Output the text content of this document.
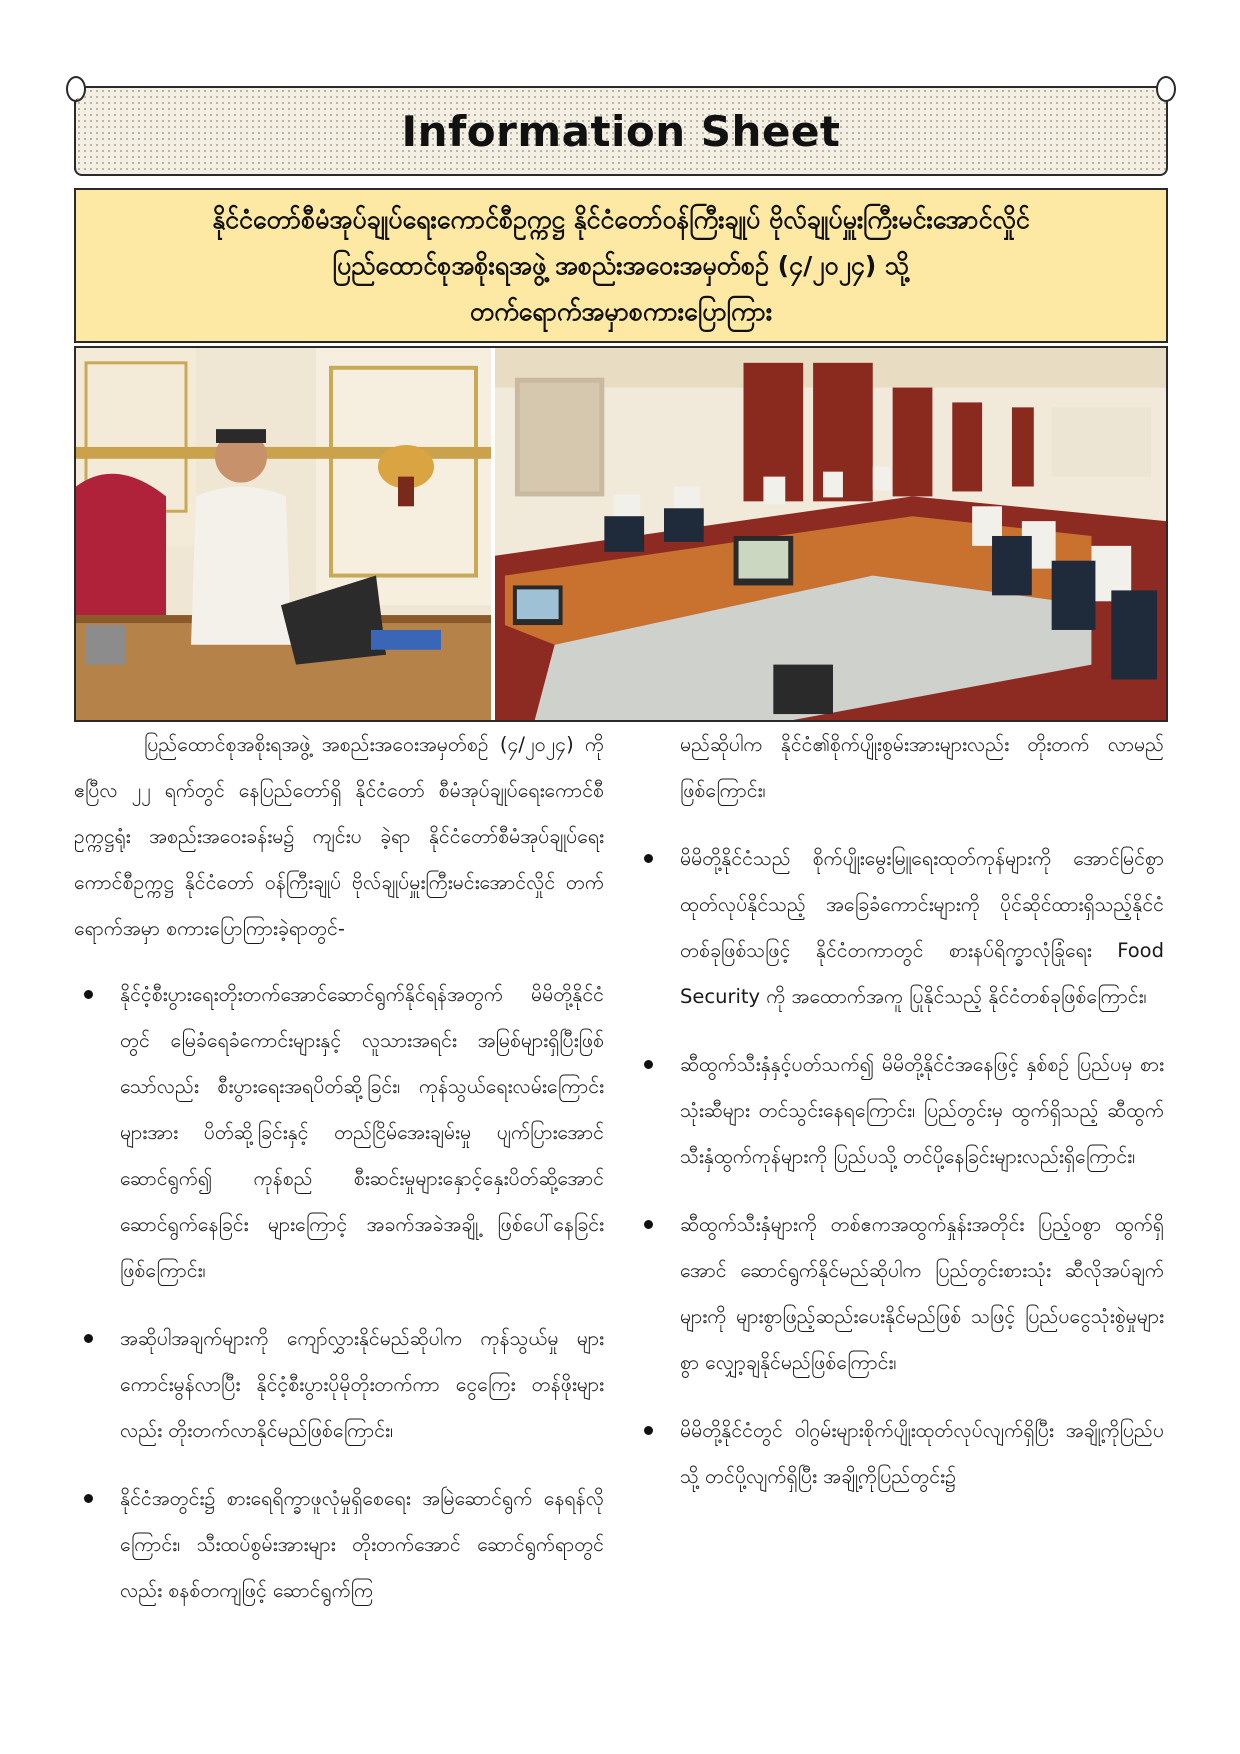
Information Sheet
နိုင်ငံတော်စီမံအုပ်ချုပ်ရေးကောင်စီဥက္ကဋ္ဌ နိုင်ငံတော်ဝန်ကြီးချုပ် ဗိုလ်ချုပ်မှူးကြီးမင်းအောင်လှိုင်
ပြည်ထောင်စုအစိုးရအဖွဲ့ အစည်းအဝေးအမှတ်စဉ် (၄/၂၀၂၄) သို့
တက်ရောက်အမှာစကားပြောကြား

ပြည်ထောင်စုအစိုးရအဖွဲ့ အစည်းအဝေးအမှတ်စဉ် (၄/၂၀၂၄) ကို ဧပြီလ ၂၂ ရက်တွင် နေပြည်တော်ရှိ နိုင်ငံတော် စီမံအုပ်ချုပ်ရေးကောင်စီဥက္ကဋ္ဌရုံး အစည်းအဝေးခန်းမ၌ ကျင်းပ ခဲ့ရာ နိုင်ငံတော်စီမံအုပ်ချုပ်ရေးကောင်စီဥက္ကဋ္ဌ နိုင်ငံတော် ဝန်ကြီးချုပ် ဗိုလ်ချုပ်မှူးကြီးမင်းအောင်လှိုင် တက်ရောက်အမှာ စကားပြောကြားခဲ့ရာတွင်-

နိုင်ငံ့စီးပွားရေးတိုးတက်အောင်ဆောင်ရွက်နိုင်ရန်အတွက် မိမိတို့နိုင်ငံတွင် မြေခံရေခံကောင်းများနှင့် လူသားအရင်း အမြစ်များရှိပြီးဖြစ်သော်လည်း စီးပွားရေးအရပိတ်ဆို့ခြင်း၊ ကုန်သွယ်ရေးလမ်းကြောင်းများအား ပိတ်ဆို့ခြင်းနှင့် တည်ငြိမ်အေးချမ်းမှု ပျက်ပြားအောင်ဆောင်ရွက်၍ ကုန်စည် စီးဆင်းမှုများနှောင့်နှေးပိတ်ဆို့အောင် ဆောင်ရွက်နေခြင်း များကြောင့် အခက်အခဲအချို့ ဖြစ်ပေါ်နေခြင်း ဖြစ်ကြောင်း၊
အဆိုပါအချက်များကို ကျော်လွှားနိုင်မည်ဆိုပါက ကုန်သွယ်မှု များကောင်းမွန်လာပြီး နိုင်ငံ့စီးပွားပိုမိုတိုးတက်ကာ ငွေကြေး တန်ဖိုးများလည်း တိုးတက်လာနိုင်မည်ဖြစ်ကြောင်း၊
နိုင်ငံအတွင်း၌ စားရေရိက္ခာဖူလုံမှုရှိစေရေး အမြဲဆောင်ရွက် နေရန်လိုကြောင်း၊ သီးထပ်စွမ်းအားများ တိုးတက်အောင် ဆောင်ရွက်ရာတွင်လည်း စနစ်တကျဖြင့် ဆောင်ရွက်ကြ
မည်ဆိုပါက နိုင်ငံ၏စိုက်ပျိုးစွမ်းအားများလည်း တိုးတက် လာမည်ဖြစ်ကြောင်း၊
မိမိတို့နိုင်ငံသည် စိုက်ပျိုးမွေးမြူရေးထုတ်ကုန်များကို အောင်မြင်စွာထုတ်လုပ်နိုင်သည့် အခြေခံကောင်းများကို ပိုင်ဆိုင်ထားရှိသည့်နိုင်ငံတစ်ခုဖြစ်သဖြင့် နိုင်ငံတကာတွင် စားနပ်ရိက္ခာလုံခြုံရေး Food Security ကို အထောက်အကူ ပြုနိုင်သည့် နိုင်ငံတစ်ခုဖြစ်ကြောင်း၊
ဆီထွက်သီးနှံနှင့်ပတ်သက်၍ မိမိတို့နိုင်ငံအနေဖြင့် နှစ်စဉ် ပြည်ပမှ စားသုံးဆီများ တင်သွင်းနေရကြောင်း၊ ပြည်တွင်းမှ ထွက်ရှိသည့် ဆီထွက်သီးနှံထွက်ကုန်များကို ပြည်ပသို့ တင်ပို့နေခြင်းများလည်းရှိကြောင်း၊
ဆီထွက်သီးနှံများကို တစ်ဧကအထွက်နှုန်းအတိုင်း ပြည့်ဝစွာ ထွက်ရှိအောင် ဆောင်ရွက်နိုင်မည်ဆိုပါက ပြည်တွင်းစားသုံး ဆီလိုအပ်ချက်များကို များစွာဖြည့်ဆည်းပေးနိုင်မည်ဖြစ် သဖြင့် ပြည်ပငွေသုံးစွဲမှုများစွာ လျှော့ချနိုင်မည်ဖြစ်ကြောင်း၊
မိမိတို့နိုင်ငံတွင် ဝါဂွမ်းများစိုက်ပျိုးထုတ်လုပ်လျက်ရှိပြီး အချို့ကိုပြည်ပသို့ တင်ပို့လျက်ရှိပြီး အချို့ကိုပြည်တွင်း၌
